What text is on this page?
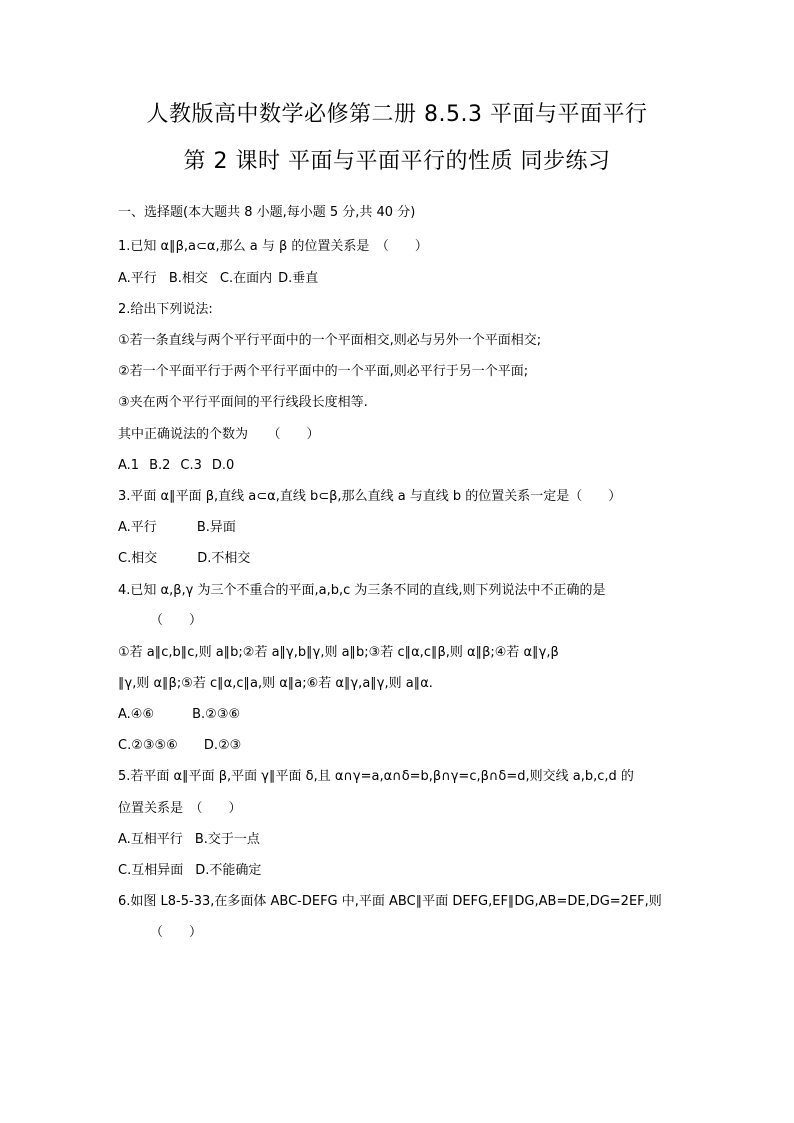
人教版高中数学必修第二册 8.5.3 平面与平面平行
第 2 课时 平面与平面平行的性质 同步练习
一、选择题(本大题共 8 小题,每小题 5 分,共 40 分)
1.已知 α∥β,a⊂α,那么 a 与 β 的位置关系是　（　　）
A.平行 B.相交 C.在面内 D.垂直
2.给出下列说法:
①若一条直线与两个平行平面中的一个平面相交,则必与另外一个平面相交;
②若一个平面平行于两个平行平面中的一个平面,则必平行于另一个平面;
③夹在两个平行平面间的平行线段长度相等.
其中正确说法的个数为　　（　　）
A.1 B.2 C.3 D.0
3.平面 α∥平面 β,直线 a⊂α,直线 b⊂β,那么直线 a 与直线 b 的位置关系一定是（　　）
A.平行	B.异面
C.相交	D.不相交
4.已知 α,β,γ 为三个不重合的平面,a,b,c 为三条不同的直线,则下列说法中不正确的是
（　　）
①若 a∥c,b∥c,则 a∥b;②若 a∥γ,b∥γ,则 a∥b;③若 c∥α,c∥β,则 α∥β;④若 α∥γ,β
∥γ,则 α∥β;⑤若 c∥α,c∥a,则 α∥a;⑥若 α∥γ,a∥γ,则 a∥α.
A.④⑥	B.②③⑥
C.②③⑤⑥ D.②③
5.若平面 α∥平面 β,平面 γ∥平面 δ,且 α∩γ=a,α∩δ=b,β∩γ=c,β∩δ=d,则交线 a,b,c,d 的
位置关系是　（　　）
A.互相平行 B.交于一点
C.互相异面 D.不能确定
6.如图 L8-5-33,在多面体 ABC-DEFG 中,平面 ABC∥平面 DEFG,EF∥DG,AB=DE,DG=2EF,则
（　　）
